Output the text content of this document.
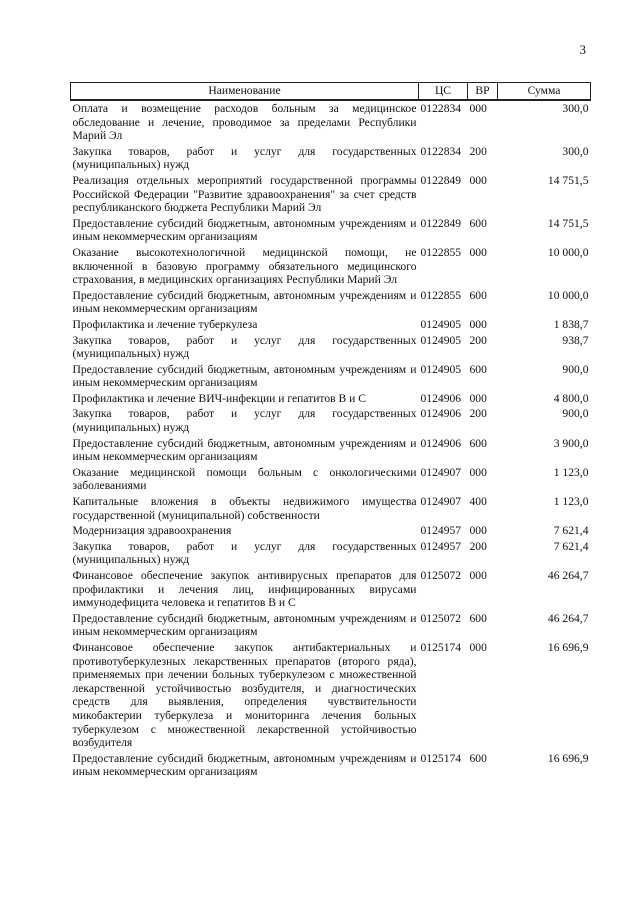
3
Наименование	ЦС	ВР	Сумма
Оплата и возмещение расходов больным за медицинское обследование и лечение, проводимое за пределами Республики Марий Эл	0122834	000	300,0
Закупка товаров, работ и услуг для государственных (муниципальных) нужд	0122834	200	300,0
Реализация отдельных мероприятий государственной программы Российской Федерации "Развитие здравоохранения" за счет средств республиканского бюджета Республики Марий Эл	0122849	000	14 751,5
Предоставление субсидий бюджетным, автономным учреждениям и иным некоммерческим организациям	0122849	600	14 751,5
Оказание высокотехнологичной медицинской помощи, не включенной в базовую программу обязательного медицинского страхования, в медицинских организациях Республики Марий Эл	0122855	000	10 000,0
Предоставление субсидий бюджетным, автономным учреждениям и иным некоммерческим организациям	0122855	600	10 000,0
Профилактика и лечение туберкулеза	0124905	000	1 838,7
Закупка товаров, работ и услуг для государственных (муниципальных) нужд	0124905	200	938,7
Предоставление субсидий бюджетным, автономным учреждениям и иным некоммерческим организациям	0124905	600	900,0
Профилактика и лечение ВИЧ-инфекции и гепатитов В и С	0124906	000	4 800,0
Закупка товаров, работ и услуг для государственных (муниципальных) нужд	0124906	200	900,0
Предоставление субсидий бюджетным, автономным учреждениям и иным некоммерческим организациям	0124906	600	3 900,0
Оказание медицинской помощи больным с онкологическими заболеваниями	0124907	000	1 123,0
Капитальные вложения в объекты недвижимого имущества государственной (муниципальной) собственности	0124907	400	1 123,0
Модернизация здравоохранения	0124957	000	7 621,4
Закупка товаров, работ и услуг для государственных (муниципальных) нужд	0124957	200	7 621,4
Финансовое обеспечение закупок антивирусных препаратов для профилактики и лечения лиц, инфицированных вирусами иммунодефицита человека и гепатитов В и С	0125072	000	46 264,7
Предоставление субсидий бюджетным, автономным учреждениям и иным некоммерческим организациям	0125072	600	46 264,7
Финансовое обеспечение закупок антибактериальных и противотуберкулезных лекарственных препаратов (второго ряда), применяемых при лечении больных туберкулезом с множественной лекарственной устойчивостью возбудителя, и диагностических средств для выявления, определения чувствительности микобактерии туберкулеза и мониторинга лечения больных туберкулезом с множественной лекарственной устойчивостью возбудителя	0125174	000	16 696,9
Предоставление субсидий бюджетным, автономным учреждениям и иным некоммерческим организациям	0125174	600	16 696,9
